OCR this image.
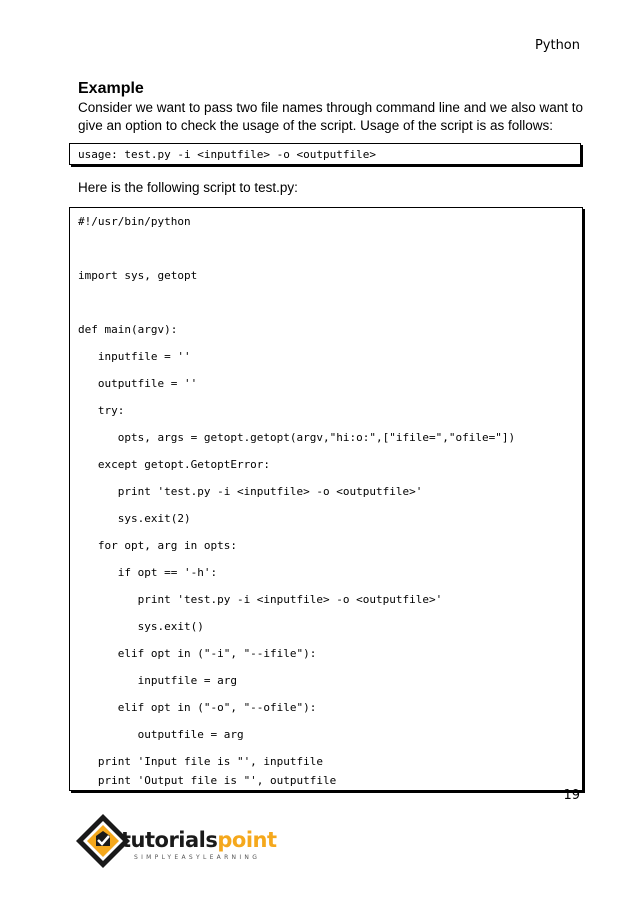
Python
Example
Consider we want to pass two file names through command line and we also want to give an option to check the usage of the script. Usage of the script is as follows:
usage: test.py -i <inputfile> -o <outputfile>
Here is the following script to test.py:
#!/usr/bin/python
import sys, getopt
def main(argv):
inputfile = ''
outputfile = ''
try:
opts, args = getopt.getopt(argv,"hi:o:",["ifile=","ofile="])
except getopt.GetoptError:
print 'test.py -i <inputfile> -o <outputfile>'
sys.exit(2)
for opt, arg in opts:
if opt == '-h':
print 'test.py -i <inputfile> -o <outputfile>'
sys.exit()
elif opt in ("-i", "--ifile"):
inputfile = arg
elif opt in ("-o", "--ofile"):
outputfile = arg
print 'Input file is "', inputfile
print 'Output file is "', outputfile
19
tutorialspoint
SIMPLYEASYLEARNING
